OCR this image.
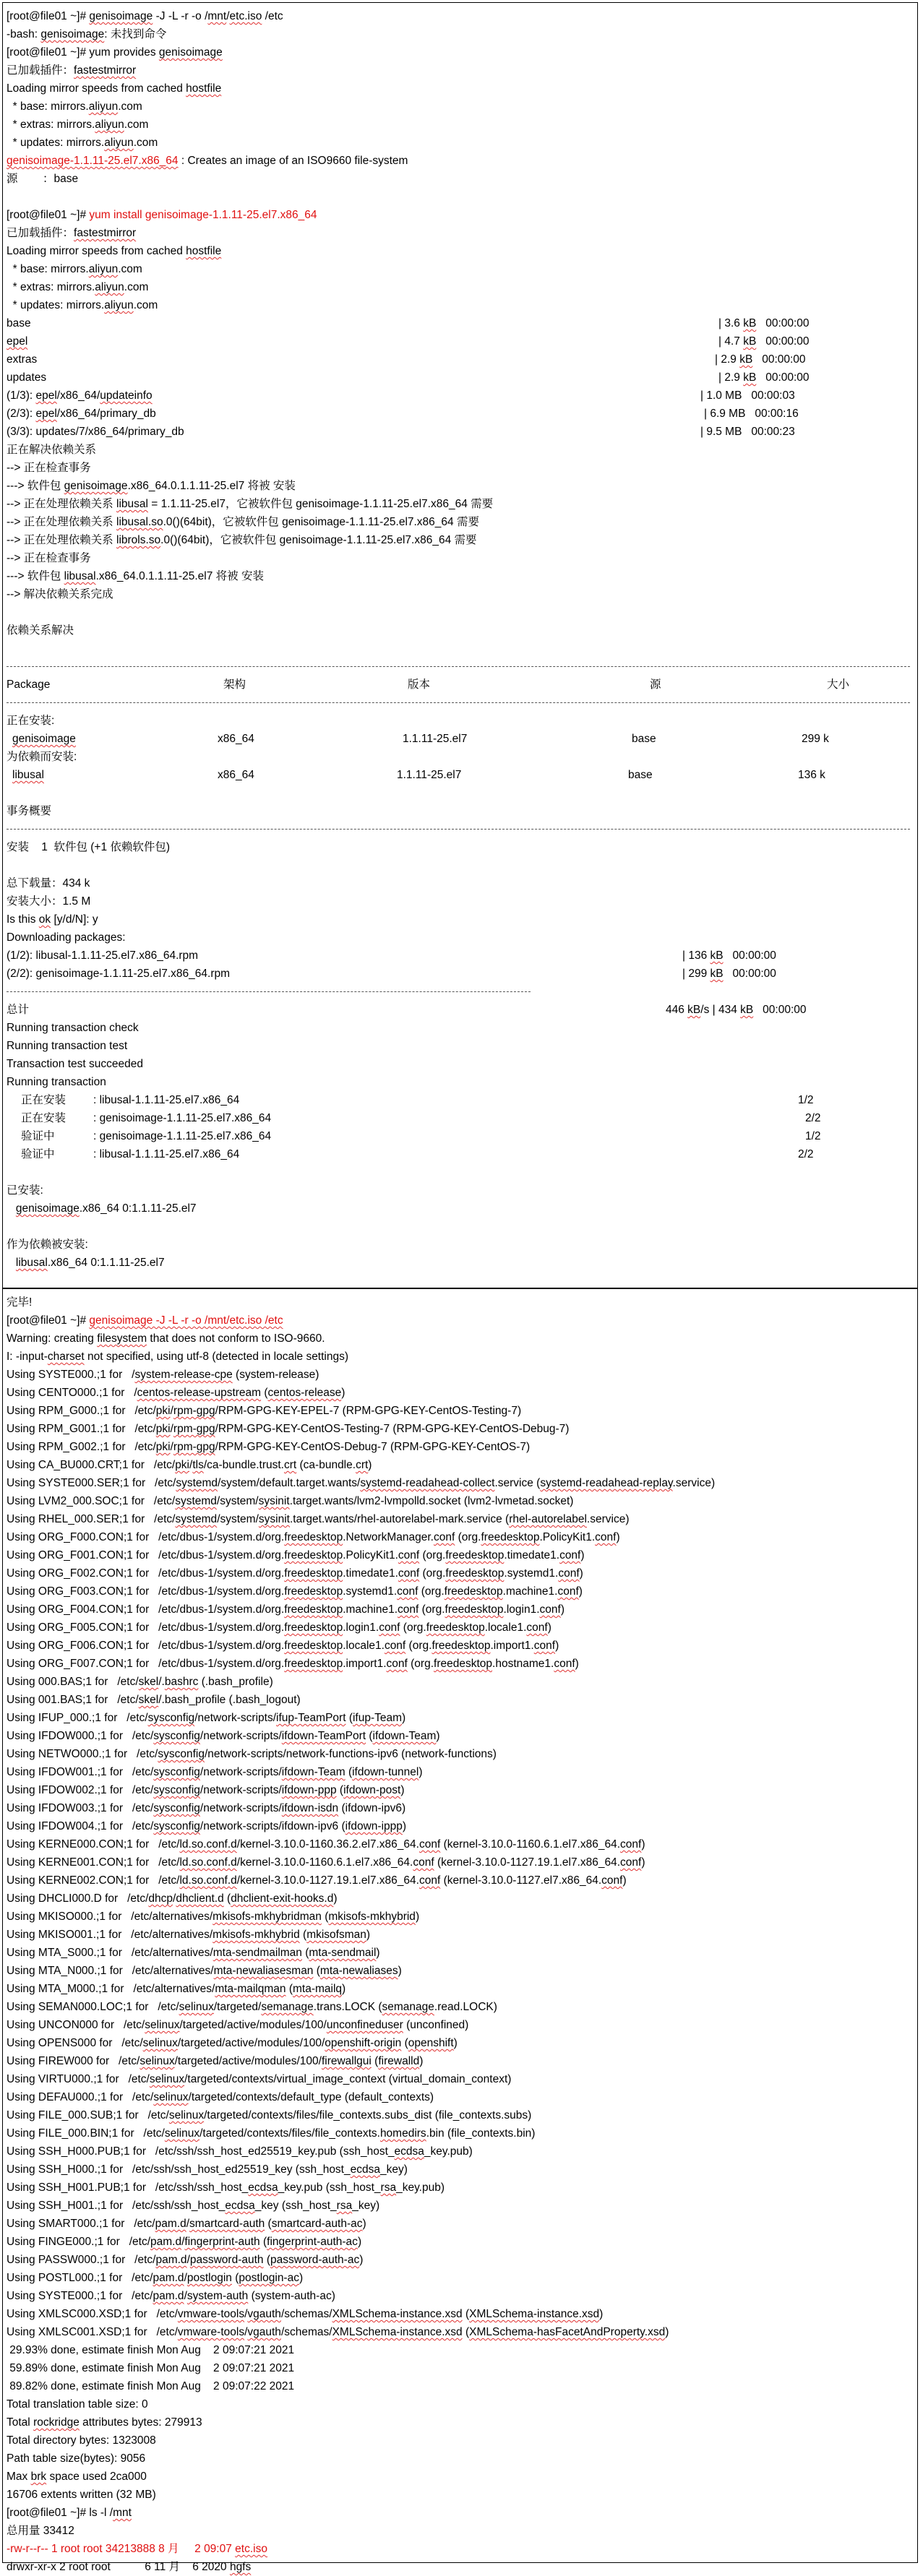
[root@file01 ~]# genisoimage -J -L -r -o /mnt/etc.iso /etc
-bash: genisoimage: 未找到命令
[root@file01 ~]# yum provides genisoimage
已加载插件：fastestmirror
Loading mirror speeds from cached hostfile
* base: mirrors.aliyun.com
* extras: mirrors.aliyun.com
* updates: mirrors.aliyun.com
genisoimage-1.1.11-25.el7.x86_64 : Creates an image of an ISO9660 file-system
源        ：base
[root@file01 ~]# yum install genisoimage-1.1.11-25.el7.x86_64
已加载插件：fastestmirror
Loading mirror speeds from cached hostfile
* base: mirrors.aliyun.com
* extras: mirrors.aliyun.com
* updates: mirrors.aliyun.com
base	| 3.6 kB   00:00:00
epel	| 4.7 kB   00:00:00
extras	| 2.9 kB   00:00:00
updates	| 2.9 kB   00:00:00
(1/3): epel/x86_64/updateinfo	| 1.0 MB   00:00:03
(2/3): epel/x86_64/primary_db	| 6.9 MB   00:00:16
(3/3): updates/7/x86_64/primary_db	| 9.5 MB   00:00:23
正在解决依赖关系
--> 正在检查事务
---> 软件包 genisoimage.x86_64.0.1.1.11-25.el7 将被 安装
--> 正在处理依赖关系 libusal = 1.1.11-25.el7，它被软件包 genisoimage-1.1.11-25.el7.x86_64 需要
--> 正在处理依赖关系 libusal.so.0()(64bit)，它被软件包 genisoimage-1.1.11-25.el7.x86_64 需要
--> 正在处理依赖关系 librols.so.0()(64bit)，它被软件包 genisoimage-1.1.11-25.el7.x86_64 需要
--> 正在检查事务
---> 软件包 libusal.x86_64.0.1.1.11-25.el7 将被 安装
--> 解决依赖关系完成
依赖关系解决
Package	架构	版本	源	大小
正在安装:
genisoimage	x86_64	1.1.11-25.el7	base	299 k
为依赖而安装:
libusal	x86_64	1.1.11-25.el7	base	136 k
事务概要
安装    1  软件包 (+1 依赖软件包)
总下载量：434 k
安装大小：1.5 M
Is this ok [y/d/N]: y
Downloading packages:
(1/2): libusal-1.1.11-25.el7.x86_64.rpm	| 136 kB   00:00:00
(2/2): genisoimage-1.1.11-25.el7.x86_64.rpm	| 299 kB   00:00:00
总计	446 kB/s | 434 kB   00:00:00
Running transaction check
Running transaction test
Transaction test succeeded
Running transaction
正在安装 : libusal-1.1.11-25.el7.x86_64	1/2
正在安装 : genisoimage-1.1.11-25.el7.x86_64	2/2
验证中	: genisoimage-1.1.11-25.el7.x86_64	1/2
验证中	: libusal-1.1.11-25.el7.x86_64	2/2
已安装:
genisoimage.x86_64 0:1.1.11-25.el7
作为依赖被安装:
libusal.x86_64 0:1.1.11-25.el7
完毕!
[root@file01 ~]# genisoimage -J -L -r -o /mnt/etc.iso /etc
Warning: creating filesystem that does not conform to ISO-9660.
I: -input-charset not specified, using utf-8 (detected in locale settings)
Using SYSTE000.;1 for   /system-release-cpe (system-release)
Using CENTO000.;1 for   /centos-release-upstream (centos-release)
Using RPM_G000.;1 for   /etc/pki/rpm-gpg/RPM-GPG-KEY-EPEL-7 (RPM-GPG-KEY-CentOS-Testing-7)
Using RPM_G001.;1 for   /etc/pki/rpm-gpg/RPM-GPG-KEY-CentOS-Testing-7 (RPM-GPG-KEY-CentOS-Debug-7)
Using RPM_G002.;1 for   /etc/pki/rpm-gpg/RPM-GPG-KEY-CentOS-Debug-7 (RPM-GPG-KEY-CentOS-7)
Using CA_BU000.CRT;1 for   /etc/pki/tls/ca-bundle.trust.crt (ca-bundle.crt)
Using SYSTE000.SER;1 for   /etc/systemd/system/default.target.wants/systemd-readahead-collect.service (systemd-readahead-replay.service)
Using LVM2_000.SOC;1 for   /etc/systemd/system/sysinit.target.wants/lvm2-lvmpolld.socket (lvm2-lvmetad.socket)
Using RHEL_000.SER;1 for   /etc/systemd/system/sysinit.target.wants/rhel-autorelabel-mark.service (rhel-autorelabel.service)
Using ORG_F000.CON;1 for   /etc/dbus-1/system.d/org.freedesktop.NetworkManager.conf (org.freedesktop.PolicyKit1.conf)
Using ORG_F001.CON;1 for   /etc/dbus-1/system.d/org.freedesktop.PolicyKit1.conf (org.freedesktop.timedate1.conf)
Using ORG_F002.CON;1 for   /etc/dbus-1/system.d/org.freedesktop.timedate1.conf (org.freedesktop.systemd1.conf)
Using ORG_F003.CON;1 for   /etc/dbus-1/system.d/org.freedesktop.systemd1.conf (org.freedesktop.machine1.conf)
Using ORG_F004.CON;1 for   /etc/dbus-1/system.d/org.freedesktop.machine1.conf (org.freedesktop.login1.conf)
Using ORG_F005.CON;1 for   /etc/dbus-1/system.d/org.freedesktop.login1.conf (org.freedesktop.locale1.conf)
Using ORG_F006.CON;1 for   /etc/dbus-1/system.d/org.freedesktop.locale1.conf (org.freedesktop.import1.conf)
Using ORG_F007.CON;1 for   /etc/dbus-1/system.d/org.freedesktop.import1.conf (org.freedesktop.hostname1.conf)
Using 000.BAS;1 for   /etc/skel/.bashrc (.bash_profile)
Using 001.BAS;1 for   /etc/skel/.bash_profile (.bash_logout)
Using IFUP_000.;1 for   /etc/sysconfig/network-scripts/ifup-TeamPort (ifup-Team)
Using IFDOW000.;1 for   /etc/sysconfig/network-scripts/ifdown-TeamPort (ifdown-Team)
Using NETWO000.;1 for   /etc/sysconfig/network-scripts/network-functions-ipv6 (network-functions)
Using IFDOW001.;1 for   /etc/sysconfig/network-scripts/ifdown-Team (ifdown-tunnel)
Using IFDOW002.;1 for   /etc/sysconfig/network-scripts/ifdown-ppp (ifdown-post)
Using IFDOW003.;1 for   /etc/sysconfig/network-scripts/ifdown-isdn (ifdown-ipv6)
Using IFDOW004.;1 for   /etc/sysconfig/network-scripts/ifdown-ipv6 (ifdown-ippp)
Using KERNE000.CON;1 for   /etc/ld.so.conf.d/kernel-3.10.0-1160.36.2.el7.x86_64.conf (kernel-3.10.0-1160.6.1.el7.x86_64.conf)
Using KERNE001.CON;1 for   /etc/ld.so.conf.d/kernel-3.10.0-1160.6.1.el7.x86_64.conf (kernel-3.10.0-1127.19.1.el7.x86_64.conf)
Using KERNE002.CON;1 for   /etc/ld.so.conf.d/kernel-3.10.0-1127.19.1.el7.x86_64.conf (kernel-3.10.0-1127.el7.x86_64.conf)
Using DHCLI000.D for   /etc/dhcp/dhclient.d (dhclient-exit-hooks.d)
Using MKISO000.;1 for   /etc/alternatives/mkisofs-mkhybridman (mkisofs-mkhybrid)
Using MKISO001.;1 for   /etc/alternatives/mkisofs-mkhybrid (mkisofsman)
Using MTA_S000.;1 for   /etc/alternatives/mta-sendmailman (mta-sendmail)
Using MTA_N000.;1 for   /etc/alternatives/mta-newaliasesman (mta-newaliases)
Using MTA_M000.;1 for   /etc/alternatives/mta-mailqman (mta-mailq)
Using SEMAN000.LOC;1 for   /etc/selinux/targeted/semanage.trans.LOCK (semanage.read.LOCK)
Using UNCON000 for   /etc/selinux/targeted/active/modules/100/unconfineduser (unconfined)
Using OPENS000 for   /etc/selinux/targeted/active/modules/100/openshift-origin (openshift)
Using FIREW000 for   /etc/selinux/targeted/active/modules/100/firewallgui (firewalld)
Using VIRTU000.;1 for   /etc/selinux/targeted/contexts/virtual_image_context (virtual_domain_context)
Using DEFAU000.;1 for   /etc/selinux/targeted/contexts/default_type (default_contexts)
Using FILE_000.SUB;1 for   /etc/selinux/targeted/contexts/files/file_contexts.subs_dist (file_contexts.subs)
Using FILE_000.BIN;1 for   /etc/selinux/targeted/contexts/files/file_contexts.homedirs.bin (file_contexts.bin)
Using SSH_H000.PUB;1 for   /etc/ssh/ssh_host_ed25519_key.pub (ssh_host_ecdsa_key.pub)
Using SSH_H000.;1 for   /etc/ssh/ssh_host_ed25519_key (ssh_host_ecdsa_key)
Using SSH_H001.PUB;1 for   /etc/ssh/ssh_host_ecdsa_key.pub (ssh_host_rsa_key.pub)
Using SSH_H001.;1 for   /etc/ssh/ssh_host_ecdsa_key (ssh_host_rsa_key)
Using SMART000.;1 for   /etc/pam.d/smartcard-auth (smartcard-auth-ac)
Using FINGE000.;1 for   /etc/pam.d/fingerprint-auth (fingerprint-auth-ac)
Using PASSW000.;1 for   /etc/pam.d/password-auth (password-auth-ac)
Using POSTL000.;1 for   /etc/pam.d/postlogin (postlogin-ac)
Using SYSTE000.;1 for   /etc/pam.d/system-auth (system-auth-ac)
Using XMLSC000.XSD;1 for   /etc/vmware-tools/vgauth/schemas/XMLSchema-instance.xsd (XMLSchema-instance.xsd)
Using XMLSC001.XSD;1 for   /etc/vmware-tools/vgauth/schemas/XMLSchema-instance.xsd (XMLSchema-hasFacetAndProperty.xsd)
29.93% done, estimate finish Mon Aug    2 09:07:21 2021
59.89% done, estimate finish Mon Aug    2 09:07:21 2021
89.82% done, estimate finish Mon Aug    2 09:07:22 2021
Total translation table size: 0
Total rockridge attributes bytes: 279913
Total directory bytes: 1323008
Path table size(bytes): 9056
Max brk space used 2ca000
16706 extents written (32 MB)
[root@file01 ~]# ls -l /mnt
总用量 33412
-rw-r--r-- 1 root root 34213888 8 月     2 09:07 etc.iso
drwxr-xr-x 2 root root           6 11 月    6 2020 hgfs
